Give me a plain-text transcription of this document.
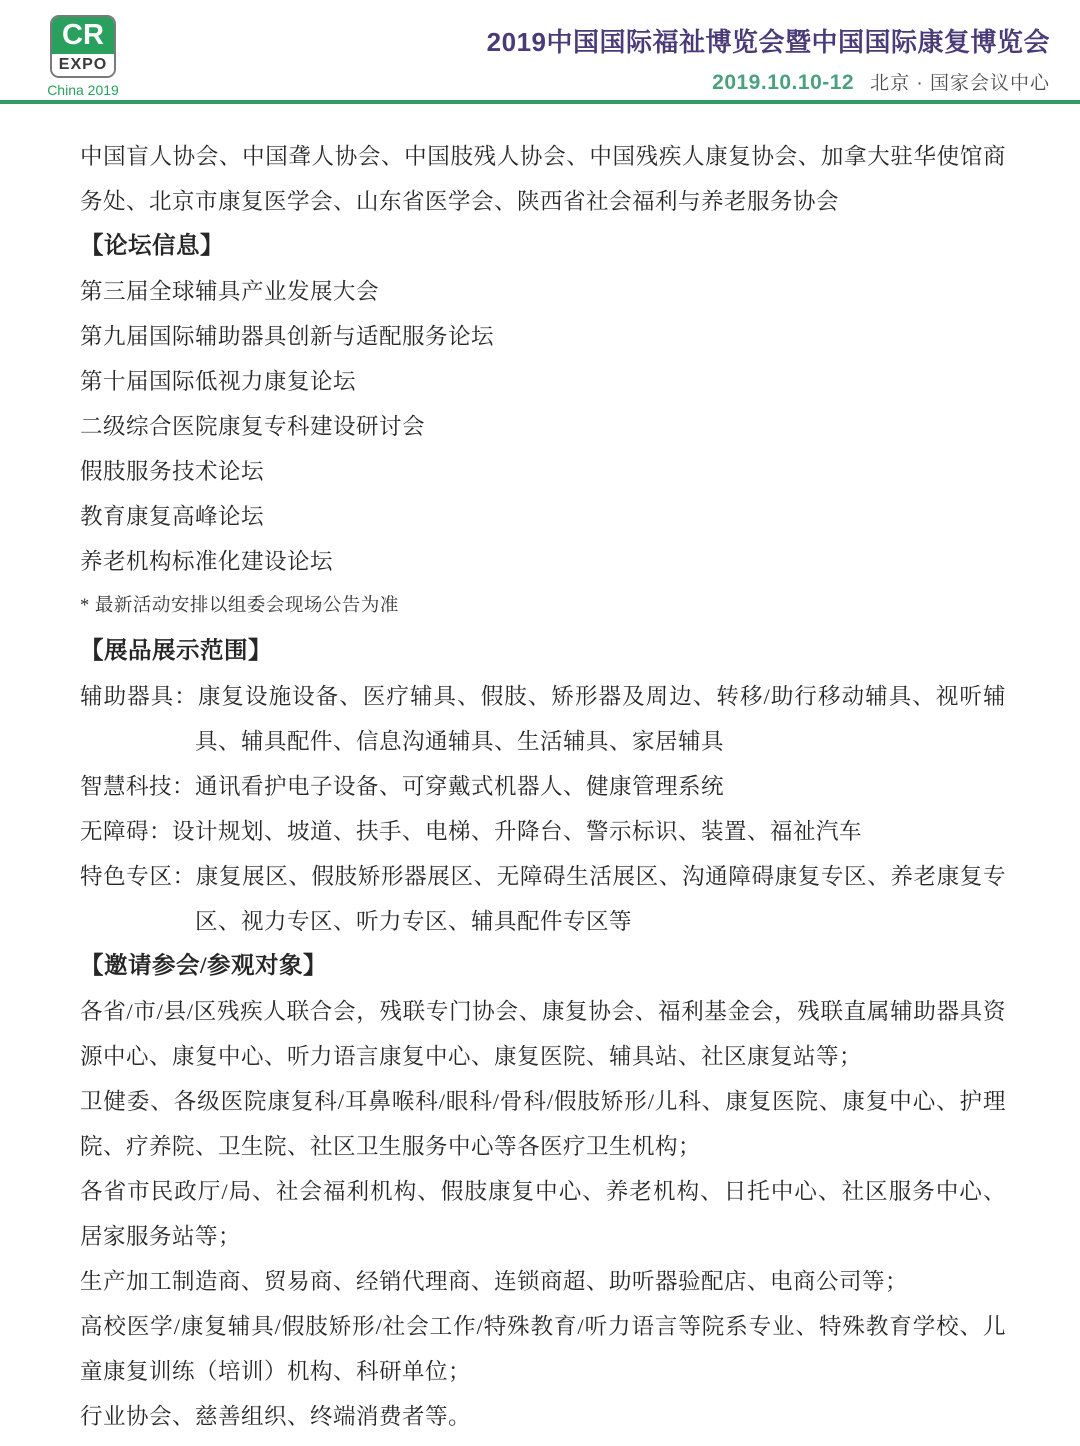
CR
EXPO
China 2019
2019中国国际福祉博览会暨中国国际康复博览会
2019.10.10-12 北京 · 国家会议中心

中国盲人协会、中国聋人协会、中国肢残人协会、中国残疾人康复协会、加拿大驻华使馆商务处、北京市康复医学会、山东省医学会、陕西省社会福利与养老服务协会

【论坛信息】

第三届全球辅具产业发展大会

第九届国际辅助器具创新与适配服务论坛

第十届国际低视力康复论坛

二级综合医院康复专科建设研讨会

假肢服务技术论坛

教育康复高峰论坛

养老机构标准化建设论坛

* 最新活动安排以组委会现场公告为准

【展品展示范围】

辅助器具：康复设施设备、医疗辅具、假肢、矫形器及周边、转移/助行移动辅具、视听辅具、辅具配件、信息沟通辅具、生活辅具、家居辅具

智慧科技：通讯看护电子设备、可穿戴式机器人、健康管理系统

无障碍：设计规划、坡道、扶手、电梯、升降台、警示标识、装置、福祉汽车

特色专区：康复展区、假肢矫形器展区、无障碍生活展区、沟通障碍康复专区、养老康复专区、视力专区、听力专区、辅具配件专区等

【邀请参会/参观对象】

各省/市/县/区残疾人联合会，残联专门协会、康复协会、福利基金会，残联直属辅助器具资源中心、康复中心、听力语言康复中心、康复医院、辅具站、社区康复站等；

卫健委、各级医院康复科/耳鼻喉科/眼科/骨科/假肢矫形/儿科、康复医院、康复中心、护理院、疗养院、卫生院、社区卫生服务中心等各医疗卫生机构；

各省市民政厅/局、社会福利机构、假肢康复中心、养老机构、日托中心、社区服务中心、居家服务站等；

生产加工制造商、贸易商、经销代理商、连锁商超、助听器验配店、电商公司等；

高校医学/康复辅具/假肢矫形/社会工作/特殊教育/听力语言等院系专业、特殊教育学校、儿童康复训练（培训）机构、科研单位；

行业协会、慈善组织、终端消费者等。
